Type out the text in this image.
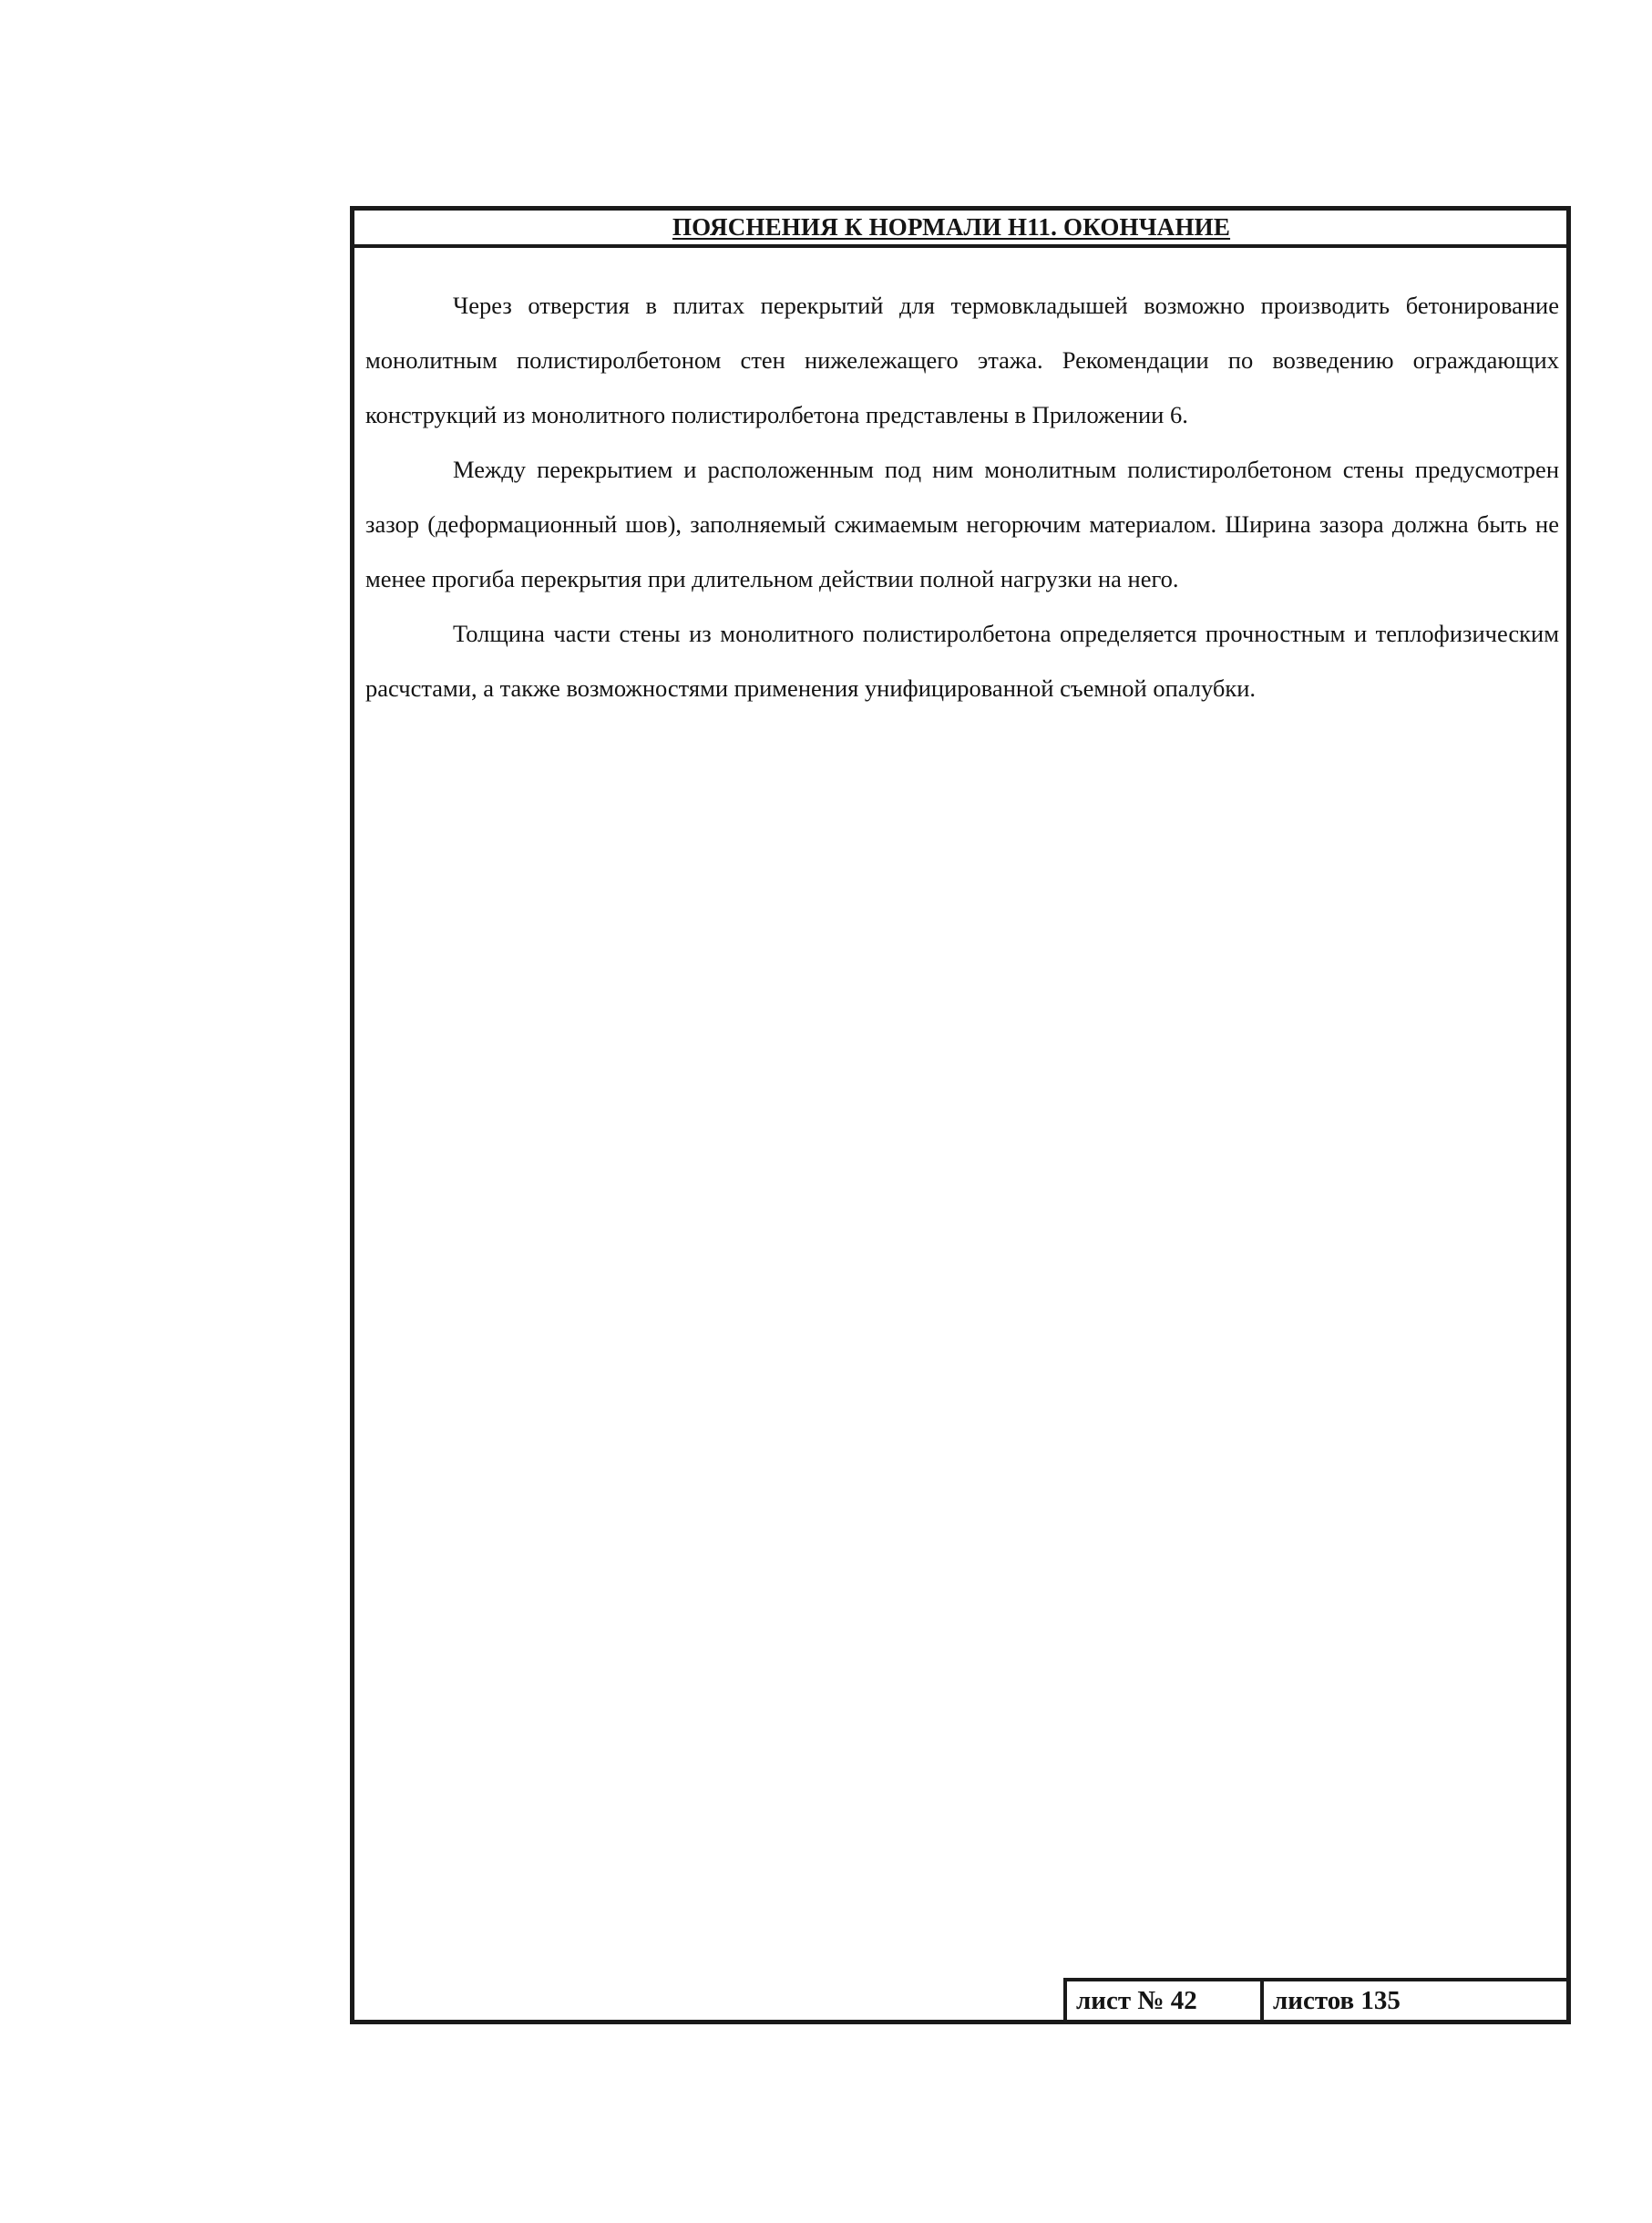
ПОЯСНЕНИЯ К НОРМАЛИ Н11. ОКОНЧАНИЕ

Через отверстия в плитах перекрытий для термовкладышей возможно производить бетонирование монолитным полистиролбетоном стен нижележащего этажа. Рекомендации по возведению ограждающих конструкций из монолитного полистиролбетона представлены в Приложении 6.

Между перекрытием и расположенным под ним монолитным полистиролбетоном стены предусмотрен зазор (деформационный шов), заполняемый сжимаемым негорючим материалом. Ширина зазора должна быть не менее прогиба перекрытия при длительном действии полной нагрузки на него.

Толщина части стены из монолитного полистиролбетона определяется прочностным и теплофизическим расчстами, а также возможностями применения унифицированной съемной опалубки.

лист № 42	листов 135
